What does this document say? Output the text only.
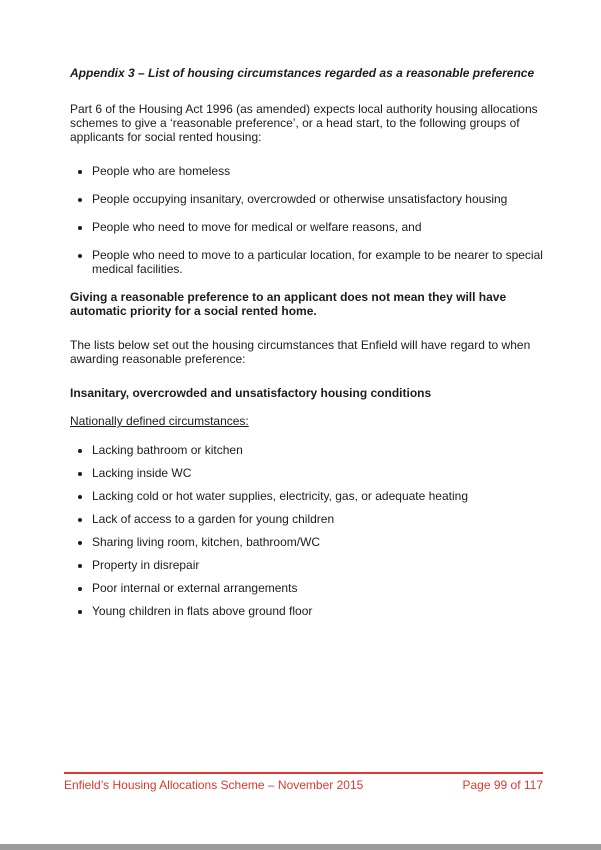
Appendix 3 – List of housing circumstances regarded as a reasonable preference

Part 6 of the Housing Act 1996 (as amended) expects local authority housing allocations schemes to give a ‘reasonable preference’, or a head start, to the following groups of applicants for social rented housing:

• People who are homeless
• People occupying insanitary, overcrowded or otherwise unsatisfactory housing
• People who need to move for medical or welfare reasons, and
• People who need to move to a particular location, for example to be nearer to special medical facilities.

Giving a reasonable preference to an applicant does not mean they will have automatic priority for a social rented home.

The lists below set out the housing circumstances that Enfield will have regard to when awarding reasonable preference:

Insanitary, overcrowded and unsatisfactory housing conditions
Nationally defined circumstances:
• Lacking bathroom or kitchen
• Lacking inside WC
• Lacking cold or hot water supplies, electricity, gas, or adequate heating
• Lack of access to a garden for young children
• Sharing living room, kitchen, bathroom/WC
• Property in disrepair
• Poor internal or external arrangements
• Young children in flats above ground floor
Enfield’s Housing Allocations Scheme – November 2015	Page 99 of 117
